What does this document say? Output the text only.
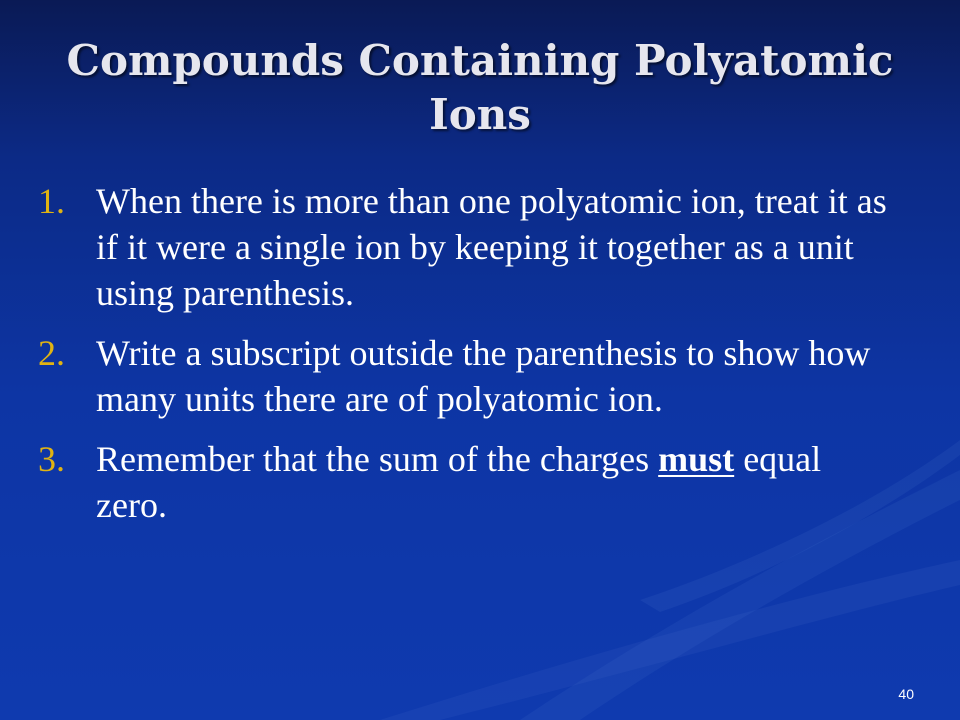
Compounds Containing Polyatomic Ions
1. When there is more than one polyatomic ion, treat it as if it were a single ion by keeping it together as a unit using parenthesis.
2. Write a subscript outside the parenthesis to show how many units there are of polyatomic ion.
3. Remember that the sum of the charges must equal zero.
40
